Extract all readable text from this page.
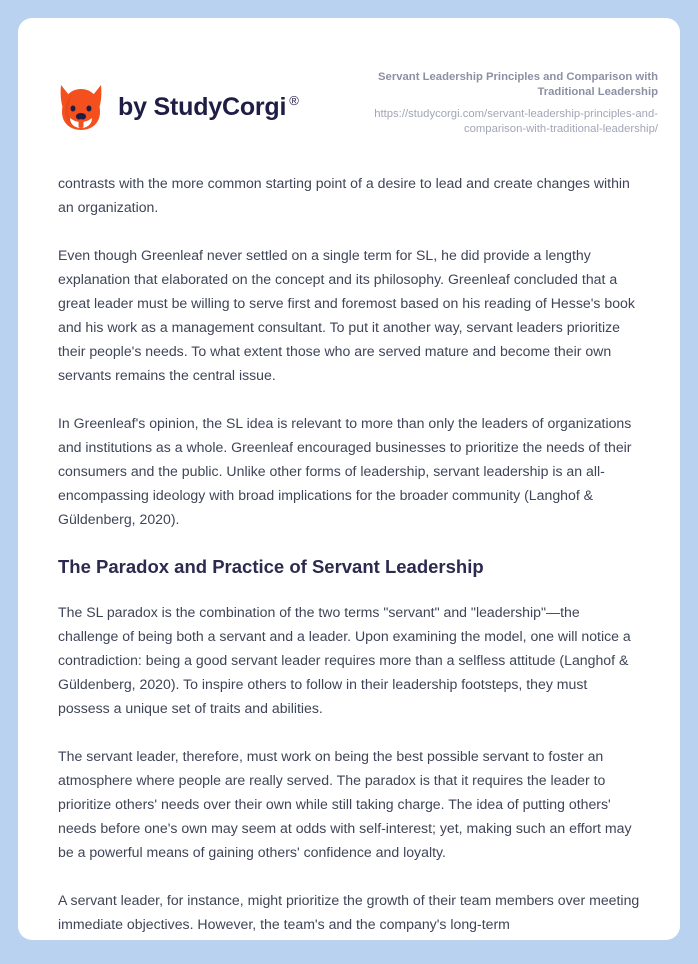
by StudyCorgi ®
Servant Leadership Principles and Comparison with Traditional Leadership
https://studycorgi.com/servant-leadership-principles-and-comparison-with-traditional-leadership/

contrasts with the more common starting point of a desire to lead and create changes within an organization.

Even though Greenleaf never settled on a single term for SL, he did provide a lengthy explanation that elaborated on the concept and its philosophy. Greenleaf concluded that a great leader must be willing to serve first and foremost based on his reading of Hesse's book and his work as a management consultant. To put it another way, servant leaders prioritize their people's needs. To what extent those who are served mature and become their own servants remains the central issue.

In Greenleaf's opinion, the SL idea is relevant to more than only the leaders of organizations and institutions as a whole. Greenleaf encouraged businesses to prioritize the needs of their consumers and the public. Unlike other forms of leadership, servant leadership is an all-encompassing ideology with broad implications for the broader community (Langhof & Güldenberg, 2020).

The Paradox and Practice of Servant Leadership

The SL paradox is the combination of the two terms "servant" and "leadership"—the challenge of being both a servant and a leader. Upon examining the model, one will notice a contradiction: being a good servant leader requires more than a selfless attitude (Langhof & Güldenberg, 2020). To inspire others to follow in their leadership footsteps, they must possess a unique set of traits and abilities.

The servant leader, therefore, must work on being the best possible servant to foster an atmosphere where people are really served. The paradox is that it requires the leader to prioritize others' needs over their own while still taking charge. The idea of putting others' needs before one's own may seem at odds with self-interest; yet, making such an effort may be a powerful means of gaining others' confidence and loyalty.

A servant leader, for instance, might prioritize the growth of their team members over meeting immediate objectives. However, the team's and the company's long-term
